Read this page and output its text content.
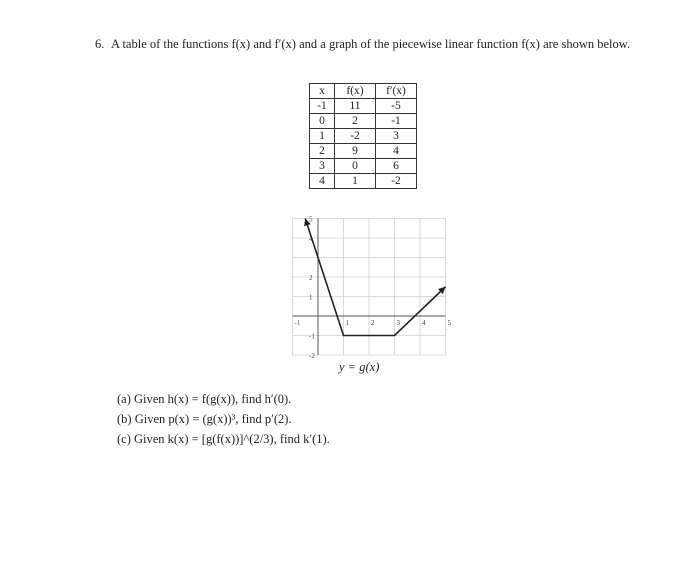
6. A table of the functions f(x) and f′(x) and a graph of the piecewise linear function f(x) are shown below.
x	f(x)	f′(x)
-1	11	-5
0	2	-1
1	-2	3
2	9	4
3	0	6
4	1	-2
-1	1	2	3	4	5
-2
-1
1
2
4
5
y = g(x)
(a) Given h(x) = f(g(x)), find h′(0).
(b) Given p(x) = (g(x))³, find p′(2).
(c) Given k(x) = [g(f(x))]^(2/3), find k′(1).
